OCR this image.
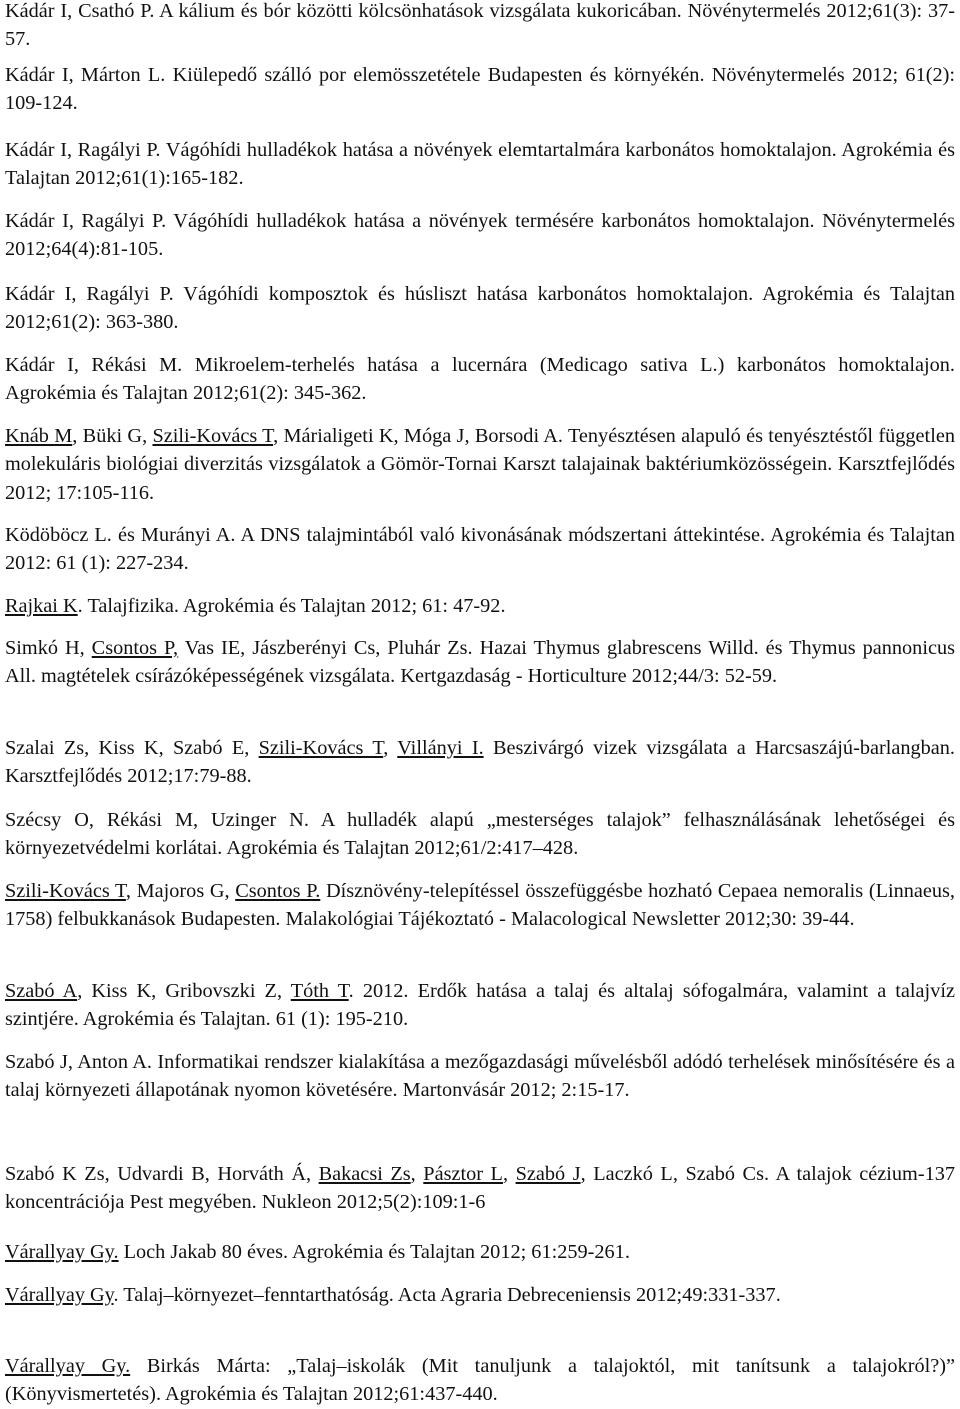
Kádár I, Csathó P. A kálium és bór közötti kölcsönhatások vizsgálata kukoricában. Növénytermelés 2012;61(3): 37-57.

Kádár I, Márton L. Kiülepedő szálló por elemösszetétele Budapesten és környékén. Növénytermelés 2012; 61(2): 109-124.

Kádár I, Ragályi P. Vágóhídi hulladékok hatása a növények elemtartalmára karbonátos homoktalajon. Agrokémia és Talajtan 2012;61(1):165-182.

Kádár I, Ragályi P. Vágóhídi hulladékok hatása a növények termésére karbonátos homoktalajon. Növénytermelés 2012;64(4):81-105.

Kádár I, Ragályi P. Vágóhídi komposztok és húsliszt hatása karbonátos homoktalajon. Agrokémia és Talajtan 2012;61(2): 363-380.

Kádár I, Rékási M. Mikroelem-terhelés hatása a lucernára (Medicago sativa L.) karbonátos homoktalajon. Agrokémia és Talajtan 2012;61(2): 345-362.

Knáb M, Büki G, Szili-Kovács T, Márialigeti K, Móga J, Borsodi A. Tenyésztésen alapuló és tenyésztéstől független molekuláris biológiai diverzitás vizsgálatok a Gömör-Tornai Karszt talajainak baktériumközösségein. Karsztfejlődés 2012; 17:105-116.

Ködöböcz L. és Murányi A. A DNS talajmintából való kivonásának módszertani áttekintése. Agrokémia és Talajtan 2012: 61 (1): 227-234.

Rajkai K. Talajfizika. Agrokémia és Talajtan 2012; 61: 47-92.

Simkó H, Csontos P, Vas IE, Jászberényi Cs, Pluhár Zs. Hazai Thymus glabrescens Willd. és Thymus pannonicus All. magtételek csírázóképességének vizsgálata. Kertgazdaság - Horticulture 2012;44/3: 52-59.

Szalai Zs, Kiss K, Szabó E, Szili-Kovács T, Villányi I. Beszivárgó vizek vizsgálata a Harcsaszájú-barlangban. Karsztfejlődés 2012;17:79-88.

Szécsy O, Rékási M, Uzinger N. A hulladék alapú „mesterséges talajok” felhasználásának lehetőségei és környezetvédelmi korlátai. Agrokémia és Talajtan 2012;61/2:417–428.

Szili-Kovács T, Majoros G, Csontos P. Dísznövény-telepítéssel összefüggésbe hozható Cepaea nemoralis (Linnaeus, 1758) felbukkanások Budapesten. Malakológiai Tájékoztató - Malacological Newsletter 2012;30: 39-44.

Szabó A, Kiss K, Gribovszki Z, Tóth T. 2012. Erdők hatása a talaj és altalaj sófogalmára, valamint a talajvíz szintjére. Agrokémia és Talajtan. 61 (1): 195-210.

Szabó J, Anton A. Informatikai rendszer kialakítása a mezőgazdasági művelésből adódó terhelések minősítésére és a talaj környezeti állapotának nyomon követésére. Martonvásár 2012; 2:15-17.

Szabó K Zs, Udvardi B, Horváth Á, Bakacsi Zs, Pásztor L, Szabó J, Laczkó L, Szabó Cs. A talajok cézium-137 koncentrációja Pest megyében. Nukleon 2012;5(2):109:1-6

Várallyay Gy. Loch Jakab 80 éves. Agrokémia és Talajtan 2012; 61:259-261.

Várallyay Gy. Talaj–környezet–fenntarthatóság. Acta Agraria Debreceniensis 2012;49:331-337.

Várallyay Gy. Birkás Márta: „Talaj–iskolák (Mit tanuljunk a talajoktól, mit tanítsunk a talajokról?)” (Könyvismertetés). Agrokémia és Talajtan 2012;61:437-440.
